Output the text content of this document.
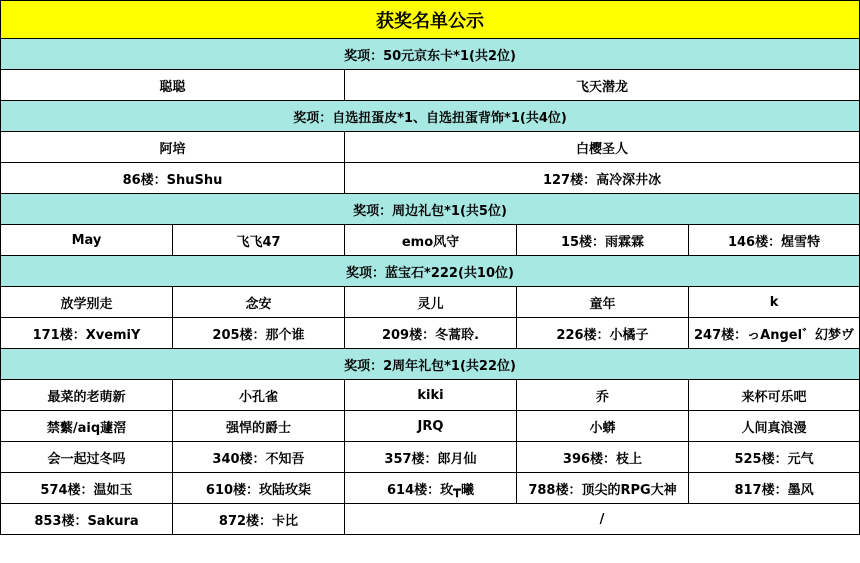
获奖名单公示				
奖项：50元京东卡*1(共2位)				
聪聪		飞天潜龙		
奖项：自选扭蛋皮*1、自选扭蛋背饰*1(共4位)				
阿培		白樱圣人		
86楼：ShuShu		127楼：高冷深井冰		
奖项：周边礼包*1(共5位)				
May	飞飞47	emo风守	15楼：雨霖霖	146楼：煋雪特
奖项：蓝宝石*222(共10位)				
放学别走	念安	灵儿	童年	k
171楼：XvemiY	205楼：那个谁	209楼：冬蒿聆.	226楼：小橘子	247楼：っAngel゛幻梦ヴ
奖项：2周年礼包*1(共22位)				
最菜的老萌新	小孔雀	kiki	乔	来杯可乐吧
禁蘩/aiq蘧滘	强悍的爵士	JRQ	小蟒	人间真浪漫
会一起过冬吗	340楼：不知吾	357楼：郎月仙	396楼：枝上	525楼：元气
574楼：温如玉	610楼：玫陆玫柒	614楼：玫┳曦	788楼：顶尖的RPG大神	817楼：墨风
853楼：Sakura	872楼：卡比	/		
